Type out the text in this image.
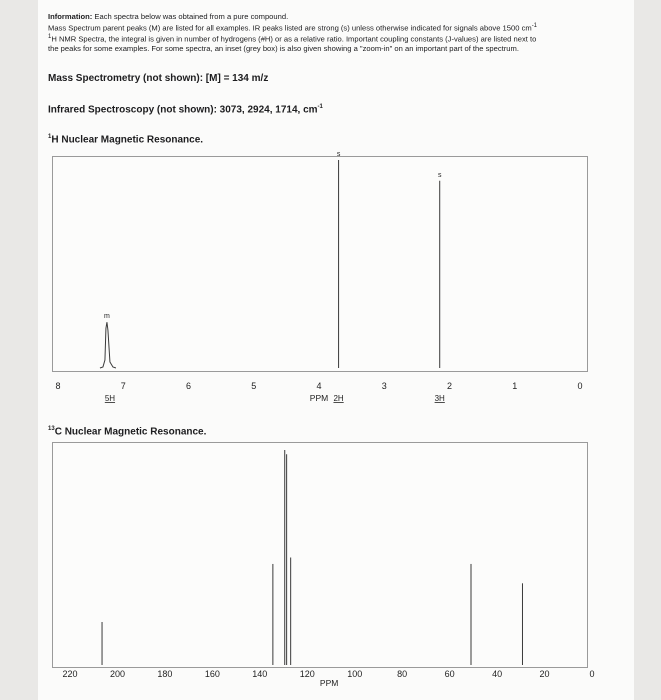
Information: Each spectra below was obtained from a pure compound.
Mass Spectrum parent peaks (M) are listed for all examples. IR peaks listed are strong (s) unless otherwise indicated for signals above 1500 $cm^{-1}$
$^1$H NMR Spectra, the integral is given in number of hydrogens (#H) or as a relative ratio. Important coupling constants (J-values) are listed next to
the peaks for some examples. For some spectra, an inset (grey box) is also given showing a "zoom-in" on an important part of the spectrum.
Mass Spectrometry (not shown): [M] = 134 m/z
Infrared Spectroscopy (not shown): 3073, 2924, 1714, $cm^{-1}$
$^1$H Nuclear Magnetic Resonance.
$^{13}$C Nuclear Magnetic Resonance.
8	7	6	5	4	3	2	1	0
PPM
m
5H
s
2H
s
3H
220	200	180	160	140	120	100	80	60	40	20	0
PPM
